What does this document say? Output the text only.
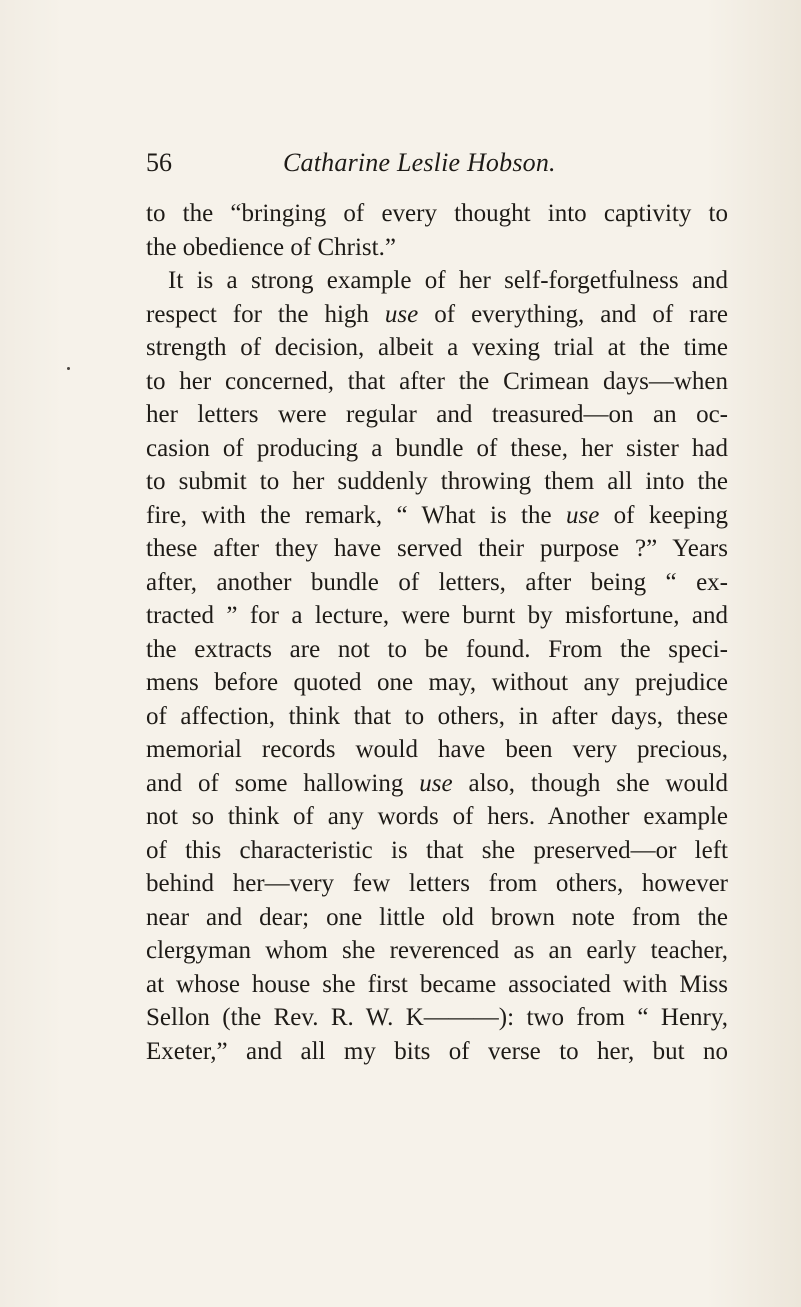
56	Catharine Leslie Hobson.
to the “bringing of every thought into captivity to
the obedience of Christ.”
It is a strong example of her self-forgetfulness and
respect for the high use of everything, and of rare
strength of decision, albeit a vexing trial at the time
to her concerned, that after the Crimean days—when
her letters were regular and treasured—on an oc-
casion of producing a bundle of these, her sister had
to submit to her suddenly throwing them all into the
fire, with the remark, “ What is the use of keeping
these after they have served their purpose ?” Years
after, another bundle of letters, after being “ ex-
tracted ” for a lecture, were burnt by misfortune, and
the extracts are not to be found. From the speci-
mens before quoted one may, without any prejudice
of affection, think that to others, in after days, these
memorial records would have been very precious,
and of some hallowing use also, though she would
not so think of any words of hers. Another example
of this characteristic is that she preserved—or left
behind her—very few letters from others, however
near and dear; one little old brown note from the
clergyman whom she reverenced as an early teacher,
at whose house she first became associated with Miss
Sellon (the Rev. R. W. K———): two from “ Henry,
Exeter,” and all my bits of verse to her, but no
